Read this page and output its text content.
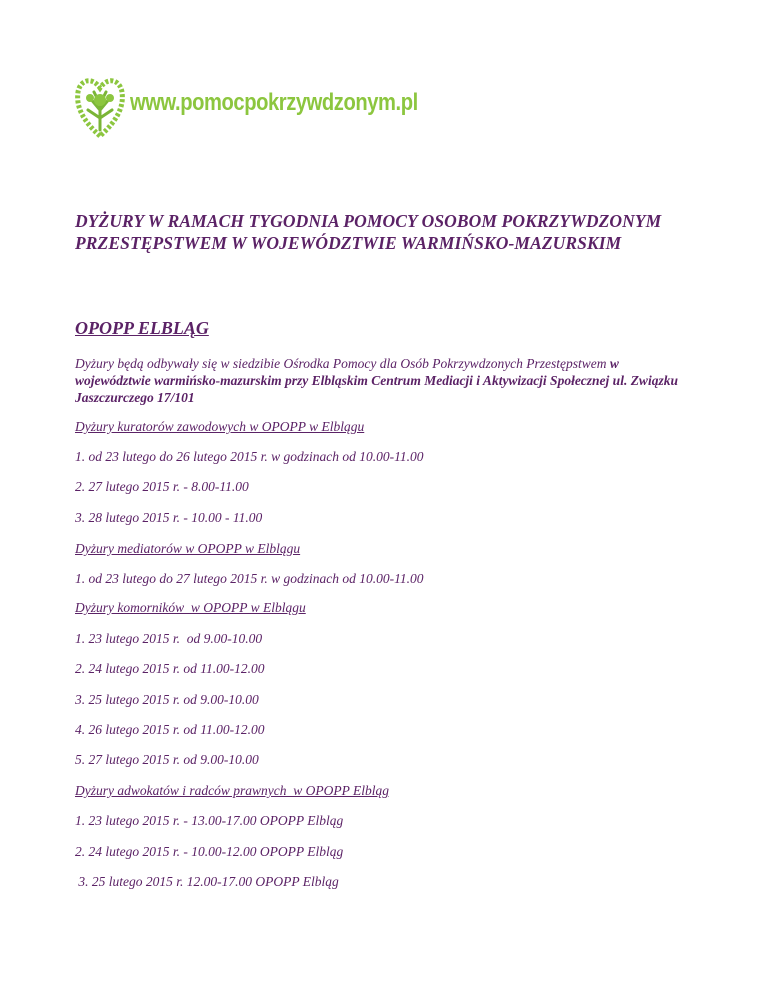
www.pomocpokrzywdzonym.pl
DYŻURY W RAMACH TYGODNIA POMOCY OSOBOM POKRZYWDZONYM PRZESTĘPSTWEM W WOJEWÓDZTWIE WARMIŃSKO-MAZURSKIM
OPOPP ELBLĄG

Dyżury będą odbywały się w siedzibie Ośrodka Pomocy dla Osób Pokrzywdzonych Przestępstwem w województwie warmińsko-mazurskim przy Elbląskim Centrum Mediacji i Aktywizacji Społecznej ul. Związku Jaszczurczego 17/101

Dyżury kuratorów zawodowych w OPOPP w Elblągu

1. od 23 lutego do 26 lutego 2015 r. w godzinach od 10.00-11.00

2. 27 lutego 2015 r. - 8.00-11.00

3. 28 lutego 2015 r. - 10.00 - 11.00

Dyżury mediatorów w OPOPP w Elblągu

1. od 23 lutego do 27 lutego 2015 r. w godzinach od 10.00-11.00

Dyżury komorników  w OPOPP w Elblągu

1. 23 lutego 2015 r.  od 9.00-10.00

2. 24 lutego 2015 r. od 11.00-12.00

3. 25 lutego 2015 r. od 9.00-10.00

4. 26 lutego 2015 r. od 11.00-12.00

5. 27 lutego 2015 r. od 9.00-10.00

Dyżury adwokatów i radców prawnych  w OPOPP Elbląg

1. 23 lutego 2015 r. - 13.00-17.00 OPOPP Elbląg

2. 24 lutego 2015 r. - 10.00-12.00 OPOPP Elbląg

3. 25 lutego 2015 r. 12.00-17.00 OPOPP Elbląg
